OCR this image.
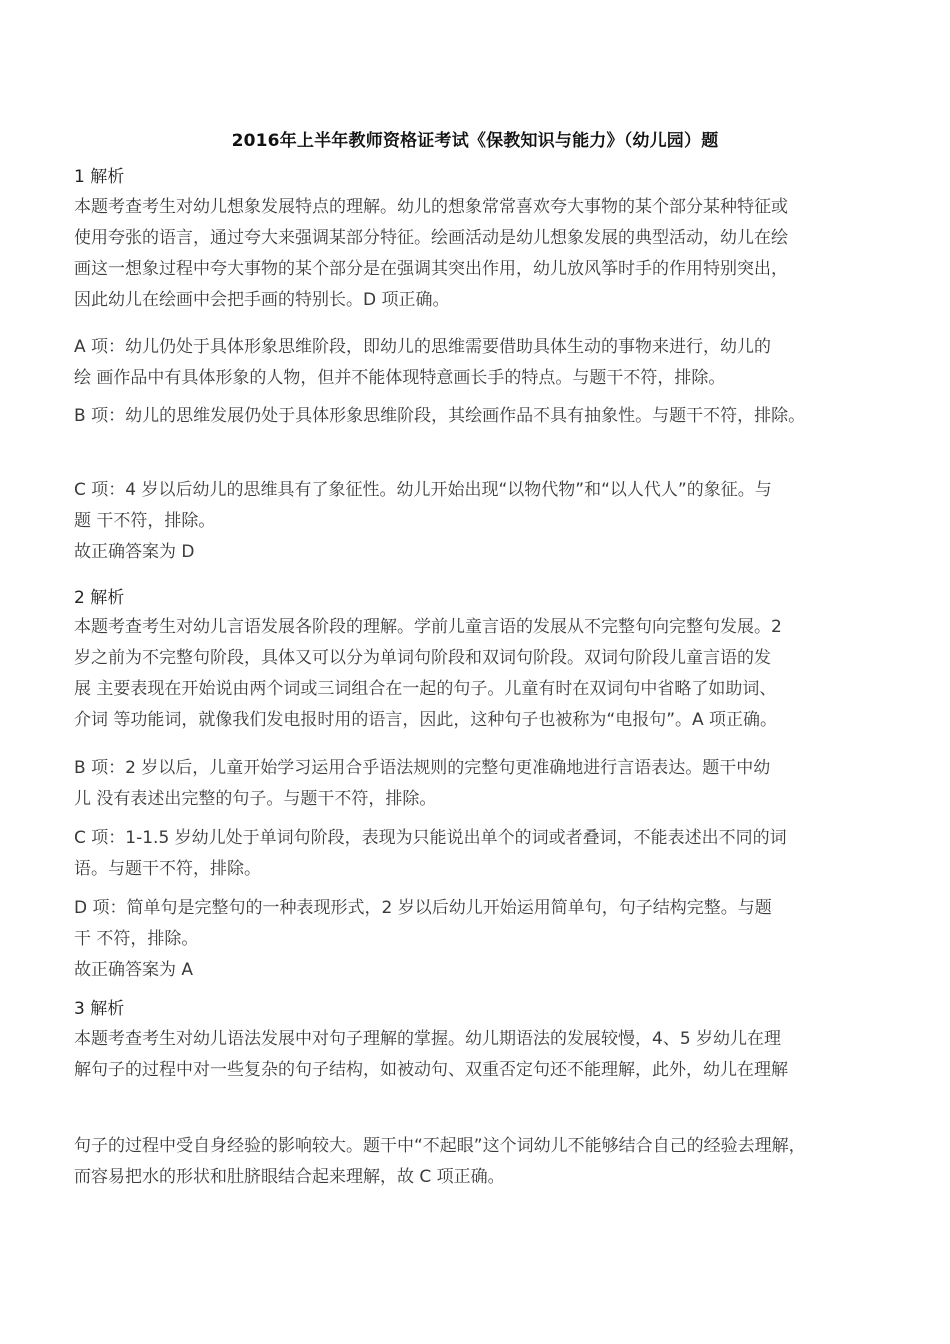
2016年上半年教师资格证考试《保教知识与能力》（幼儿园）题
1 解析
本题考查考生对幼儿想象发展特点的理解。幼儿的想象常常喜欢夸大事物的某个部分某种特征或
使用夸张的语言，通过夸大来强调某部分特征。绘画活动是幼儿想象发展的典型活动，幼儿在绘
画这一想象过程中夸大事物的某个部分是在强调其突出作用，幼儿放风筝时手的作用特别突出，
因此幼儿在绘画中会把手画的特别长。D 项正确。
A 项：幼儿仍处于具体形象思维阶段，即幼儿的思维需要借助具体生动的事物来进行，幼儿的
绘 画作品中有具体形象的人物，但并不能体现特意画长手的特点。与题干不符，排除。
B 项：幼儿的思维发展仍处于具体形象思维阶段，其绘画作品不具有抽象性。与题干不符，排除。
C 项：4 岁以后幼儿的思维具有了象征性。幼儿开始出现“以物代物”和“以人代人”的象征。与
题 干不符，排除。
故正确答案为 D
2 解析
本题考查考生对幼儿言语发展各阶段的理解。学前儿童言语的发展从不完整句向完整句发展。2
岁之前为不完整句阶段，具体又可以分为单词句阶段和双词句阶段。双词句阶段儿童言语的发
展 主要表现在开始说由两个词或三词组合在一起的句子。儿童有时在双词句中省略了如助词、
介词 等功能词，就像我们发电报时用的语言，因此，这种句子也被称为“电报句”。A 项正确。
B 项：2 岁以后，儿童开始学习运用合乎语法规则的完整句更准确地进行言语表达。题干中幼
儿 没有表述出完整的句子。与题干不符，排除。
C 项：1-1.5 岁幼儿处于单词句阶段，表现为只能说出单个的词或者叠词，不能表述出不同的词
语。与题干不符，排除。
D 项：简单句是完整句的一种表现形式，2 岁以后幼儿开始运用简单句，句子结构完整。与题
干 不符，排除。
故正确答案为 A
3 解析
本题考查考生对幼儿语法发展中对句子理解的掌握。幼儿期语法的发展较慢，4、5 岁幼儿在理
解句子的过程中对一些复杂的句子结构，如被动句、双重否定句还不能理解，此外，幼儿在理解
句子的过程中受自身经验的影响较大。题干中“不起眼”这个词幼儿不能够结合自己的经验去理解，
而容易把水的形状和肚脐眼结合起来理解，故 C 项正确。
